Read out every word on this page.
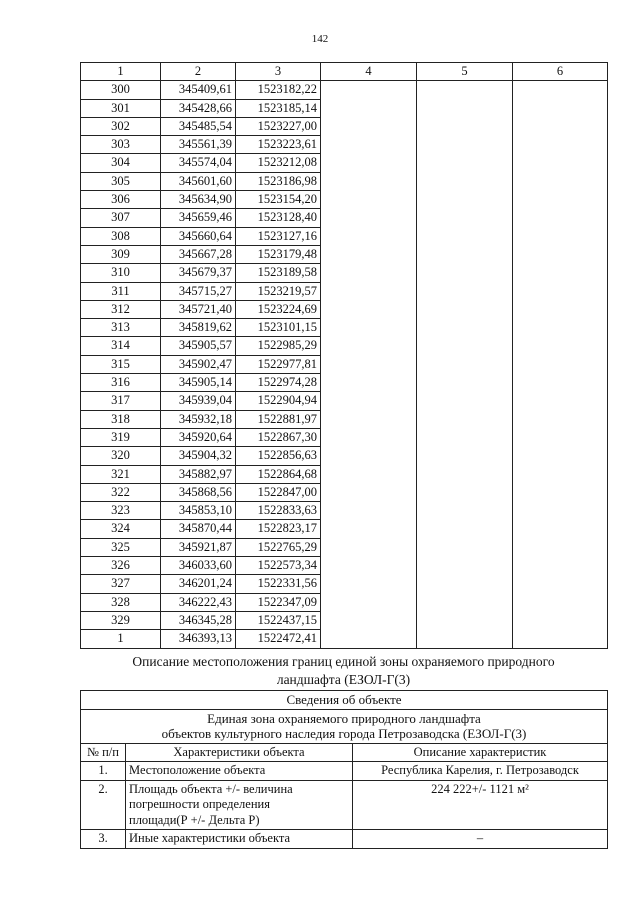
142
1	2	3	4	5	6
300	345409,61	1523182,22			
301	345428,66	1523185,14			
302	345485,54	1523227,00			
303	345561,39	1523223,61			
304	345574,04	1523212,08			
305	345601,60	1523186,98			
306	345634,90	1523154,20			
307	345659,46	1523128,40			
308	345660,64	1523127,16			
309	345667,28	1523179,48			
310	345679,37	1523189,58			
311	345715,27	1523219,57			
312	345721,40	1523224,69			
313	345819,62	1523101,15			
314	345905,57	1522985,29			
315	345902,47	1522977,81			
316	345905,14	1522974,28			
317	345939,04	1522904,94			
318	345932,18	1522881,97			
319	345920,64	1522867,30			
320	345904,32	1522856,63			
321	345882,97	1522864,68			
322	345868,56	1522847,00			
323	345853,10	1522833,63			
324	345870,44	1522823,17			
325	345921,87	1522765,29			
326	346033,60	1522573,34			
327	346201,24	1522331,56			
328	346222,43	1522347,09			
329	346345,28	1522437,15			
1	346393,13	1522472,41			
Описание местоположения границ единой зоны охраняемого природного
ландшафта (ЕЗОЛ-Г(3)
Сведения об объекте		

Единая зона охраняемого природного ландшафта
объектов культурного наследия города Петрозаводска (ЕЗОЛ-Г(3)		

№ п/п	Характеристики объекта	Описание характеристик
1.	Местоположение объекта	Республика Карелия, г. Петрозаводск
2.	Площадь объекта +/- величина
погрешности определения
площади(Р +/- Дельта Р)	224 222+/- 1121 м²
3.	Иные характеристики объекта	–
